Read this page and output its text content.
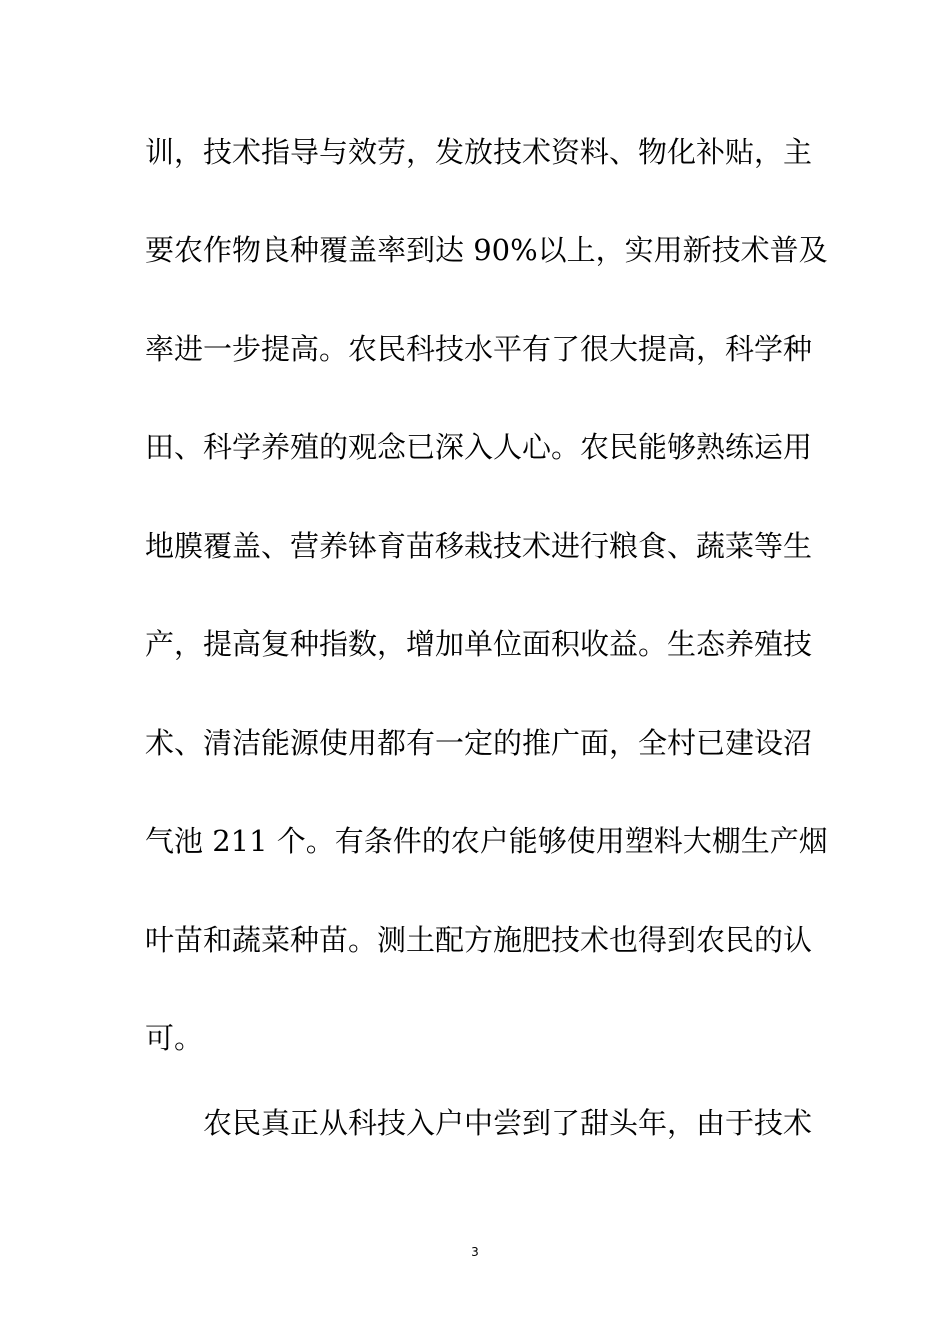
训，技术指导与效劳，发放技术资料、物化补贴，主
要农作物良种覆盖率到达 90%以上，实用新技术普及
率进一步提高。农民科技水平有了很大提高，科学种
田、科学养殖的观念已深入人心。农民能够熟练运用
地膜覆盖、营养钵育苗移栽技术进行粮食、蔬菜等生
产，提高复种指数，增加单位面积收益。生态养殖技
术、清洁能源使用都有一定的推广面，全村已建设沼
气池 211 个。有条件的农户能够使用塑料大棚生产烟
叶苗和蔬菜种苗。测土配方施肥技术也得到农民的认
可。
农民真正从科技入户中尝到了甜头年，由于技术
3
